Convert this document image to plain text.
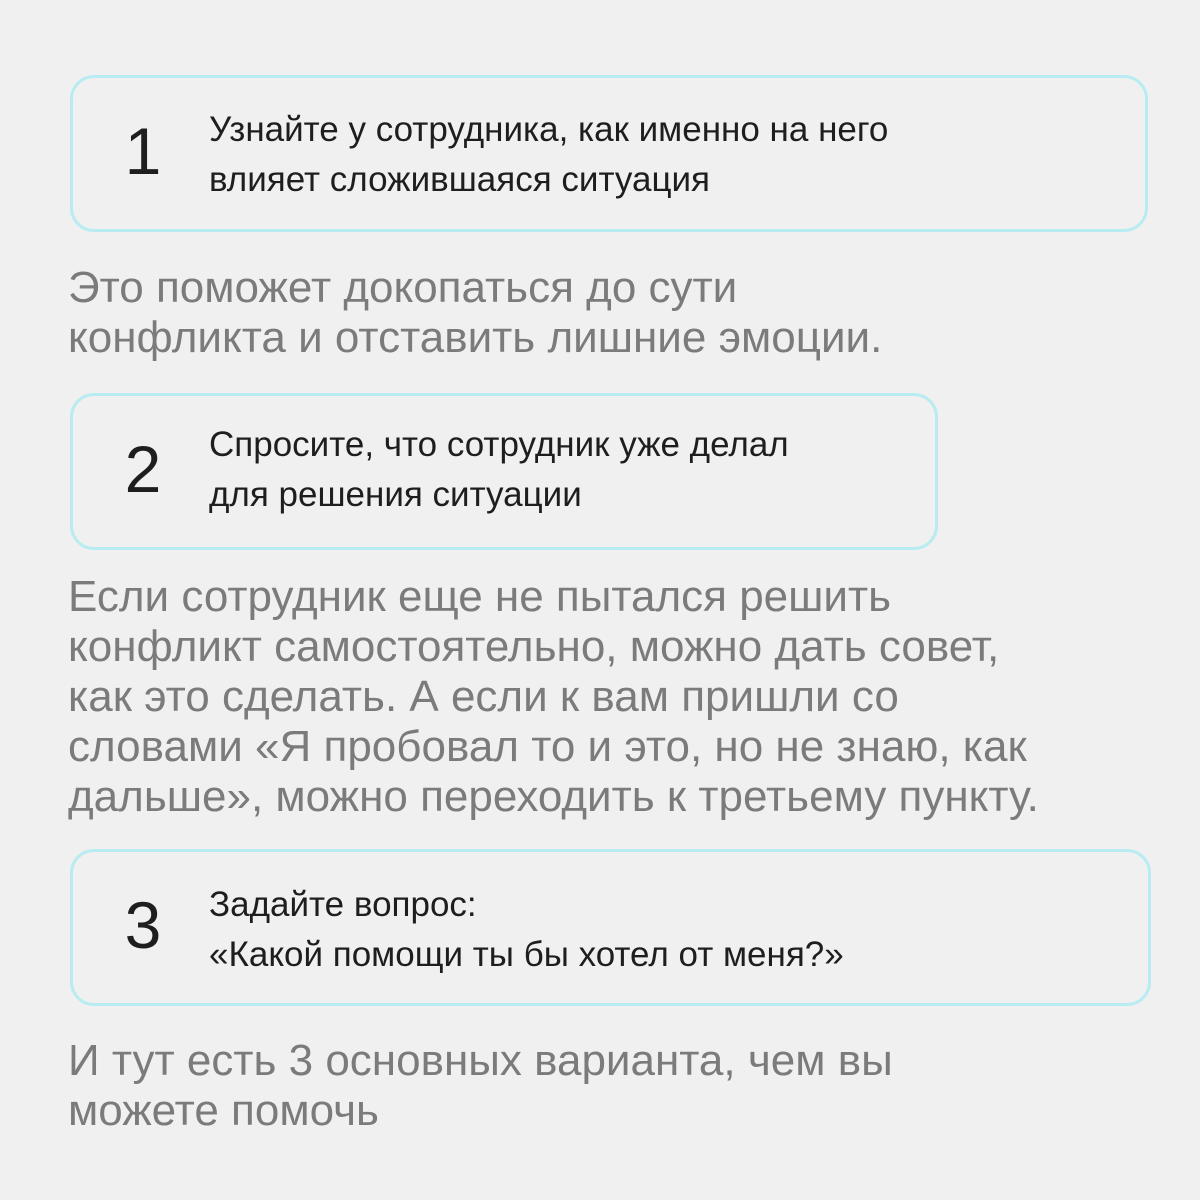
1	Узнайте у сотрудника, как именно на него
влияет сложившаяся ситуация
Это поможет докопаться до сути
конфликта и отставить лишние эмоции.
2	Спросите, что сотрудник уже делал
для решения ситуации
Если сотрудник еще не пытался решить
конфликт самостоятельно, можно дать совет,
как это сделать. А если к вам пришли со
словами «Я пробовал то и это, но не знаю, как
дальше», можно переходить к третьему пункту.
3	Задайте вопрос:
«Какой помощи ты бы хотел от меня?»
И тут есть 3 основных варианта, чем вы
можете помочь
